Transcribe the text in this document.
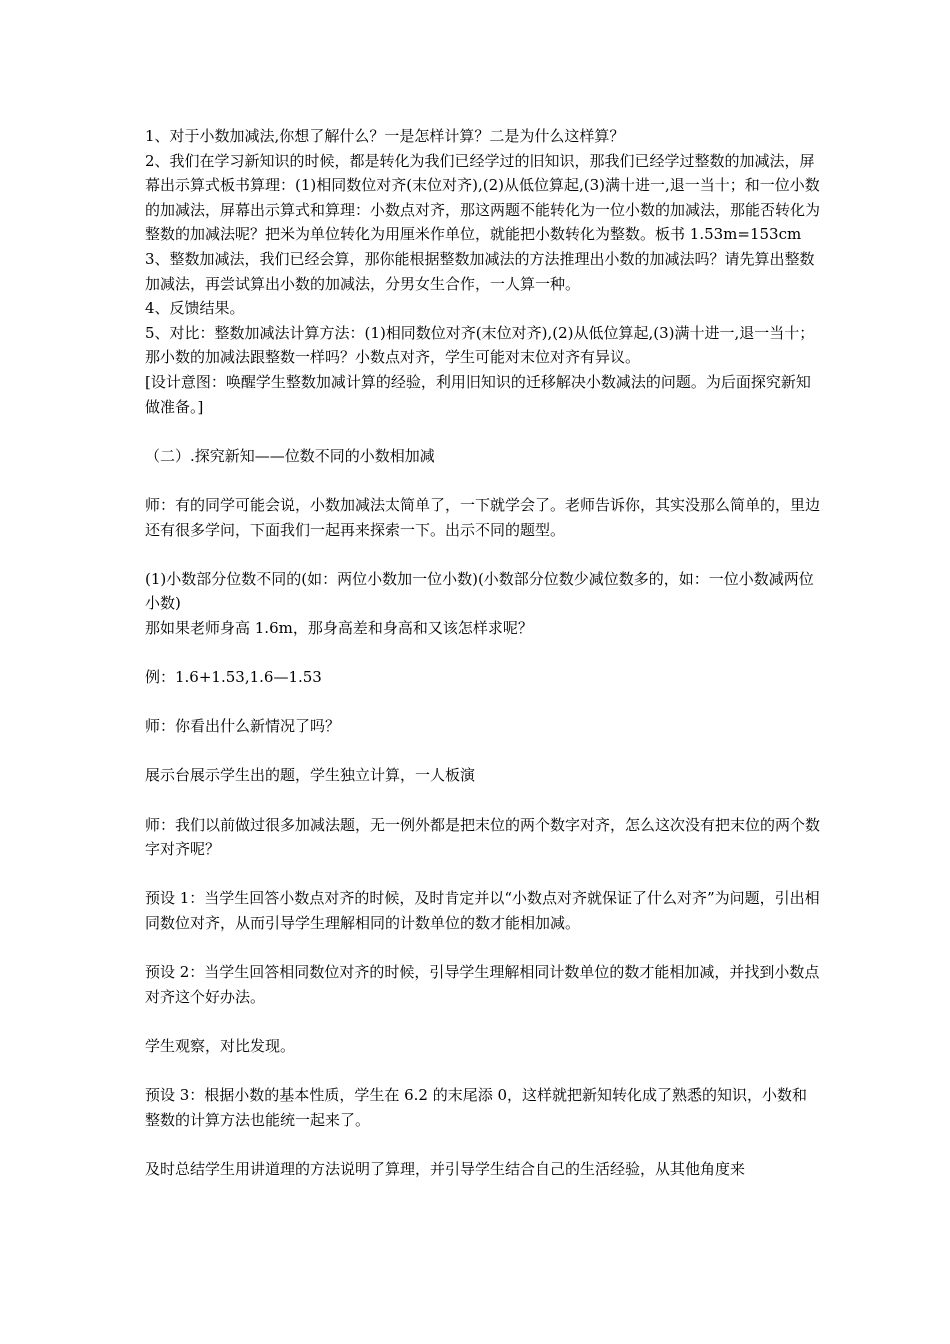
1、对于小数加减法,你想了解什么？一是怎样计算？二是为什么这样算？

2、我们在学习新知识的时候，都是转化为我们已经学过的旧知识，那我们已经学过整数的加减法，屏幕出示算式板书算理：(1)相同数位对齐(末位对齐),(2)从低位算起,(3)满十进一,退一当十；和一位小数的加减法，屏幕出示算式和算理：小数点对齐，那这两题不能转化为一位小数的加减法，那能否转化为整数的加减法呢？把米为单位转化为用厘米作单位，就能把小数转化为整数。板书 1.53m=153cm

3、整数加减法，我们已经会算，那你能根据整数加减法的方法推理出小数的加减法吗？请先算出整数加减法，再尝试算出小数的加减法，分男女生合作，一人算一种。

4、反馈结果。

5、对比：整数加减法计算方法：(1)相同数位对齐(末位对齐),(2)从低位算起,(3)满十进一,退一当十；那小数的加减法跟整数一样吗？小数点对齐，学生可能对末位对齐有异议。

[设计意图：唤醒学生整数加减计算的经验，利用旧知识的迁移解决小数减法的问题。为后面探究新知做准备。]

（二）.探究新知——位数不同的小数相加减

师：有的同学可能会说，小数加减法太简单了，一下就学会了。老师告诉你，其实没那么简单的，里边还有很多学问，下面我们一起再来探索一下。出示不同的题型。

(1)小数部分位数不同的(如：两位小数加一位小数)(小数部分位数少减位数多的，如：一位小数减两位小数)

那如果老师身高 1.6m，那身高差和身高和又该怎样求呢？

例：1.6+1.53,1.6—1.53

师：你看出什么新情况了吗？

展示台展示学生出的题，学生独立计算，一人板演

师：我们以前做过很多加减法题，无一例外都是把末位的两个数字对齐，怎么这次没有把末位的两个数字对齐呢？

预设 1：当学生回答小数点对齐的时候，及时肯定并以“小数点对齐就保证了什么对齐”为问题，引出相同数位对齐，从而引导学生理解相同的计数单位的数才能相加减。

预设 2：当学生回答相同数位对齐的时候，引导学生理解相同计数单位的数才能相加减，并找到小数点对齐这个好办法。

学生观察，对比发现。

预设 3：根据小数的基本性质，学生在 6.2 的末尾添 0，这样就把新知转化成了熟悉的知识，小数和整数的计算方法也能统一起来了。

及时总结学生用讲道理的方法说明了算理，并引导学生结合自己的生活经验，从其他角度来
